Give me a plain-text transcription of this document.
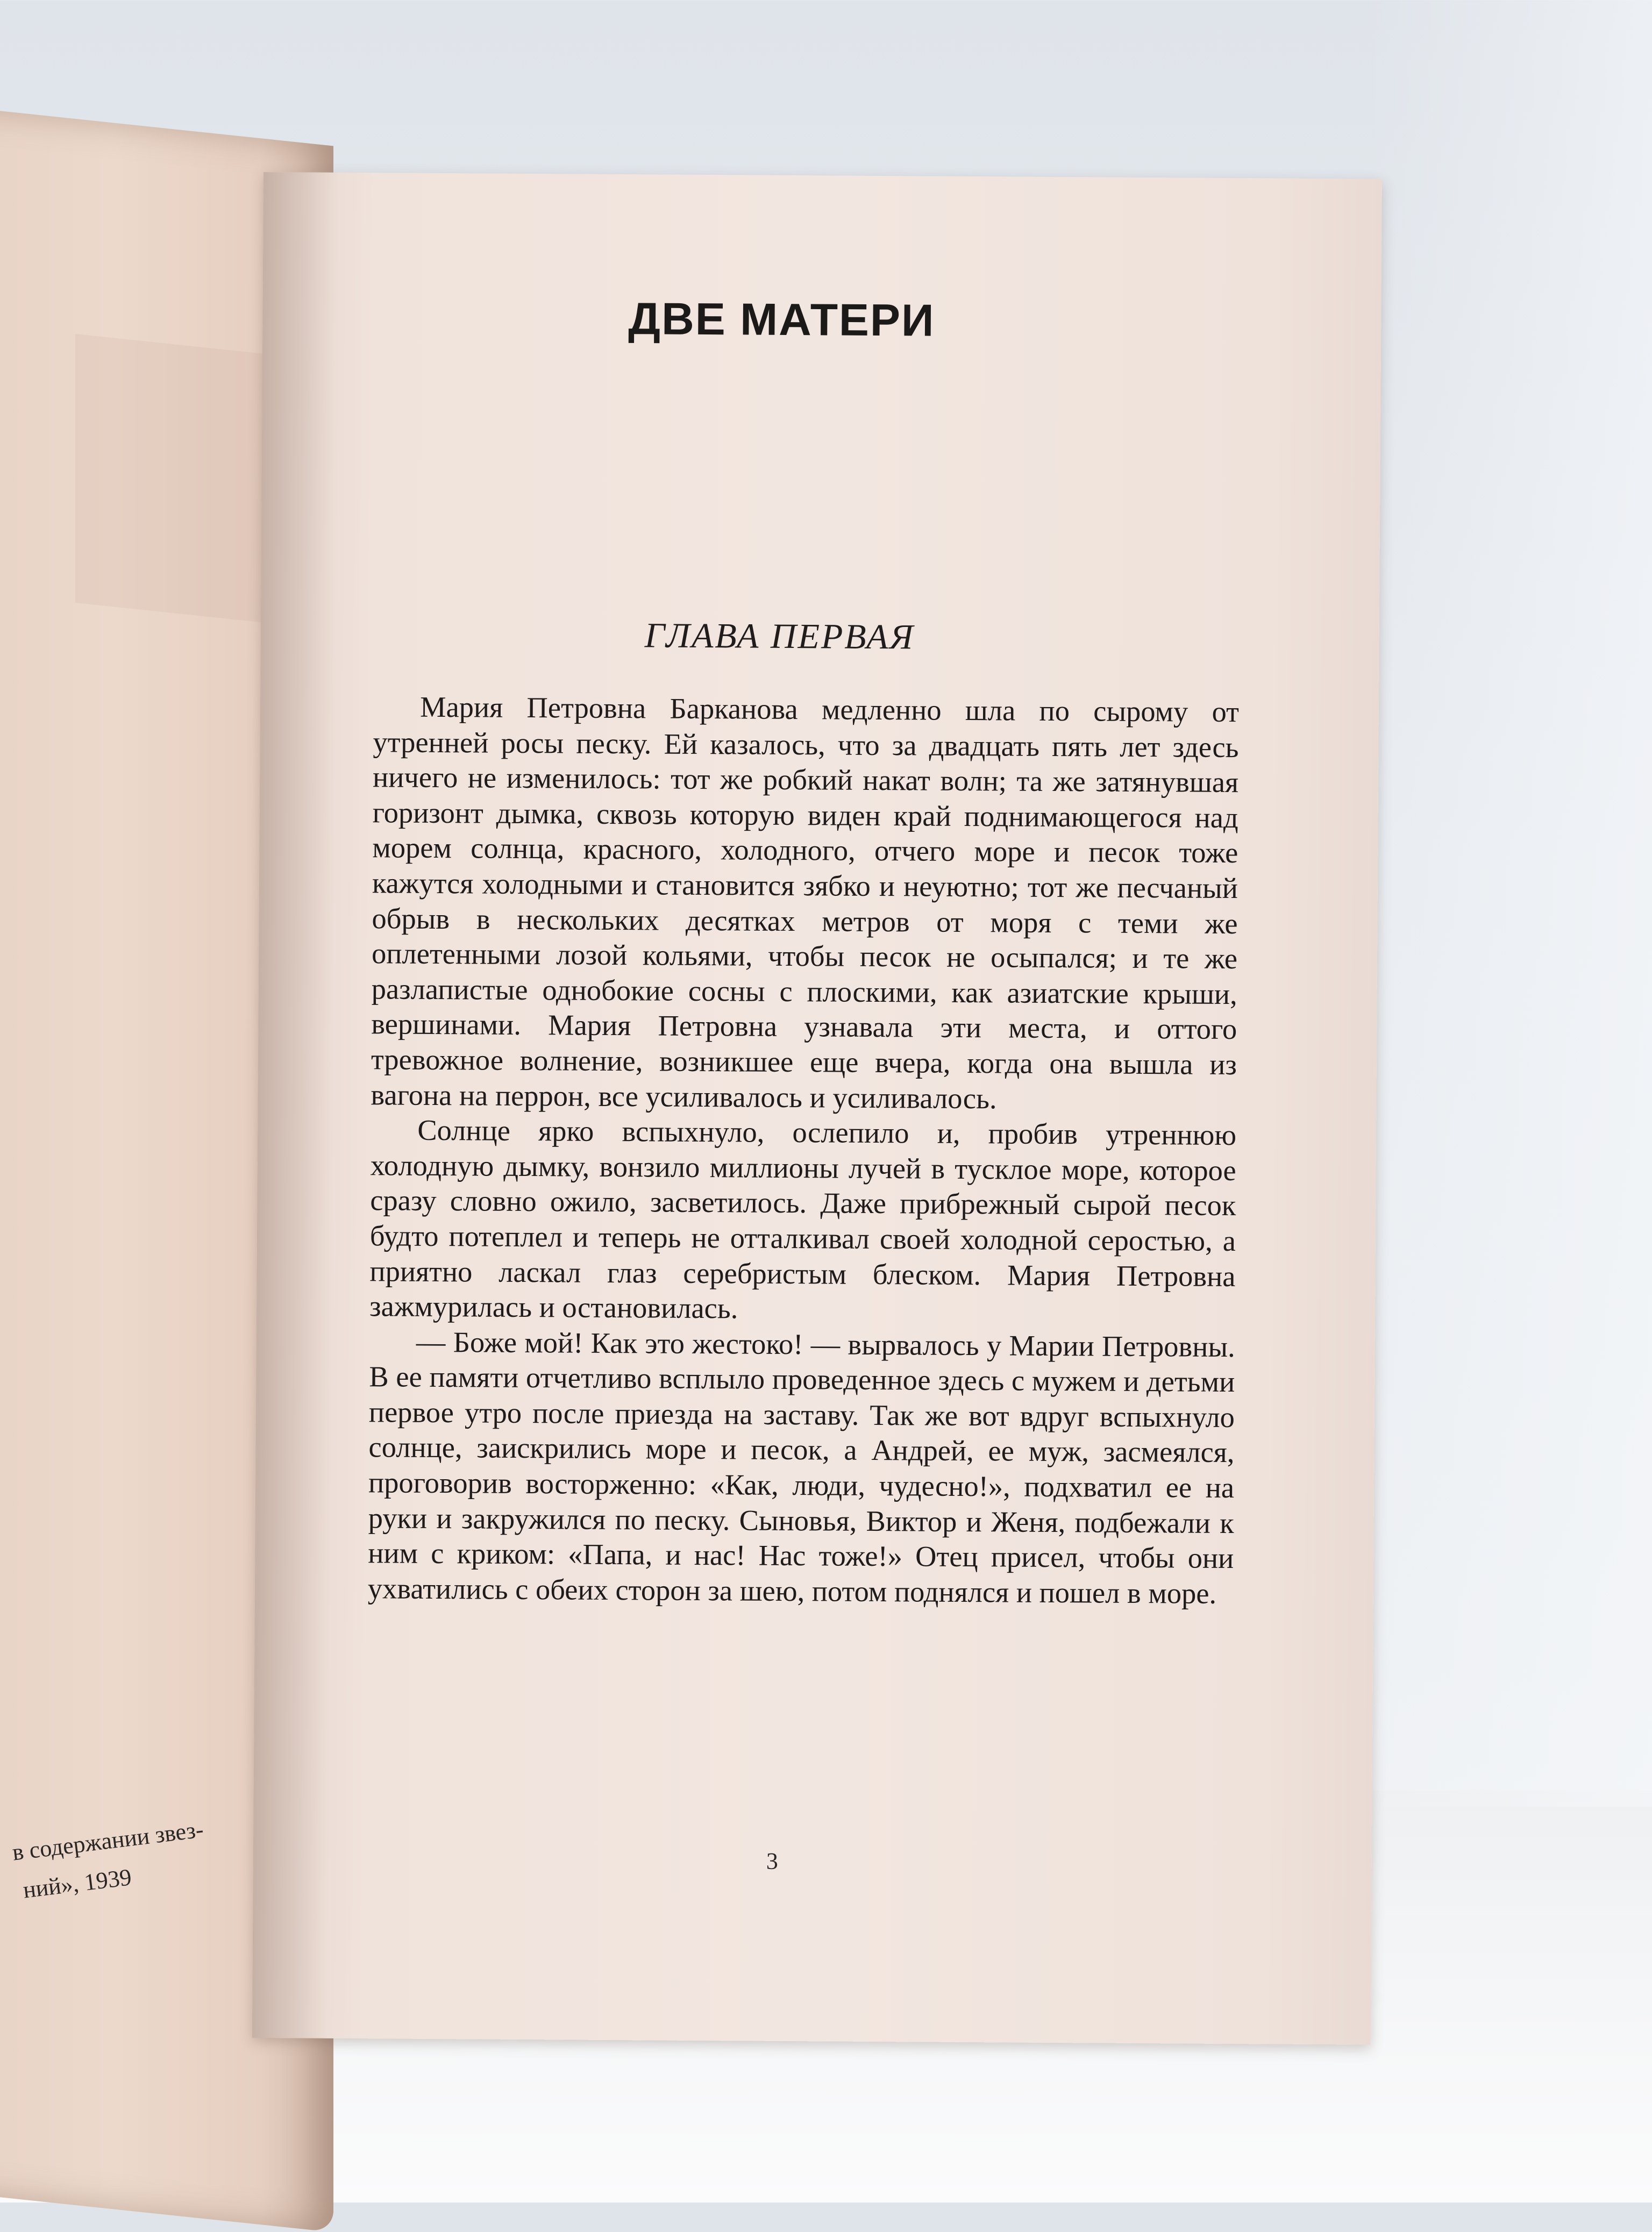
в содержании звез-
ний», 1939
ДВЕ МАТЕРИ
ГЛАВА ПЕРВАЯ

Мария Петровна Барканова медленно шла по сырому от утренней росы песку. Ей казалось, что за двадцать пять лет здесь ничего не изменилось: тот же робкий накат волн; та же затянувшая горизонт дымка, сквозь которую виден край поднимающегося над морем солнца, красного, холодного, отчего море и песок тоже кажутся холодными и становится зябко и неуютно; тот же песчаный обрыв в нескольких десятках метров от моря с теми же оплетенными лозой кольями, чтобы песок не осыпался; и те же разлапистые однобокие сосны с плоскими, как азиатские крыши, вершинами. Мария Петровна узнавала эти места, и оттого тревожное волнение, возникшее еще вчера, когда она вышла из вагона на перрон, все усиливалось и усиливалось.

Солнце ярко вспыхнуло, ослепило и, пробив утреннюю холодную дымку, вонзило миллионы лучей в тусклое море, которое сразу словно ожило, засветилось. Даже прибрежный сырой песок будто потеплел и теперь не отталкивал своей холодной серостью, а приятно ласкал глаз серебристым блеском. Мария Петровна зажмурилась и остановилась.

— Боже мой! Как это жестоко! — вырвалось у Марии Петровны. В ее памяти отчетливо всплыло проведенное здесь с мужем и детьми первое утро после приезда на заставу. Так же вот вдруг вспыхнуло солнце, заискрились море и песок, а Андрей, ее муж, засмеялся, проговорив восторженно: «Как, люди, чудесно!», подхватил ее на руки и закружился по песку. Сыновья, Виктор и Женя, подбежали к ним с криком: «Папа, и нас! Нас тоже!» Отец присел, чтобы они ухватились с обеих сторон за шею, потом поднялся и пошел в море.

3
